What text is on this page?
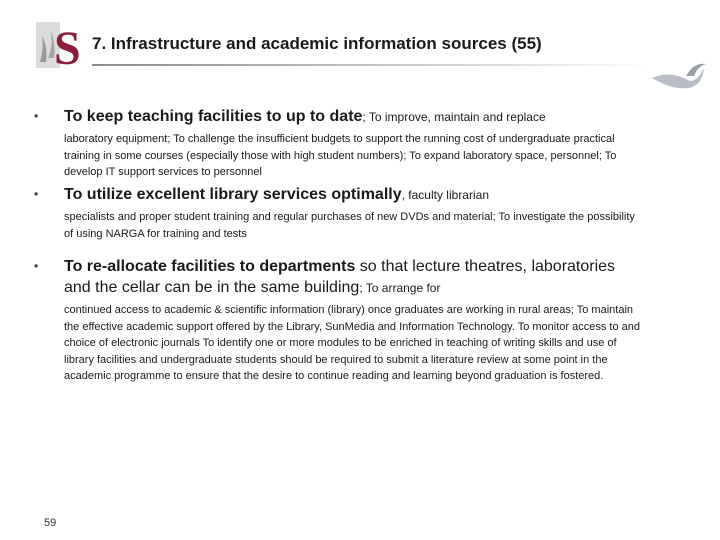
S 7. Infrastructure and academic information sources (55)
• To keep teaching facilities to up to date; To improve, maintain and replace
laboratory equipment; To challenge the insufficient budgets to support the running cost of undergraduate practical training in some courses (especially those with high student numbers); To expand laboratory space, personnel; To develop IT support services to personnel
• To utilize excellent library services optimally, faculty librarian
specialists and proper student training and regular purchases of new DVDs and material; To investigate the possibility of using NARGA for training and tests
• To re-allocate facilities to departments so that lecture theatres, laboratories and the cellar can be in the same building; To arrange for
continued access to academic & scientific information (library) once graduates are working in rural areas; To maintain the effective academic support offered by the Library, SunMedia and Information Technology. To monitor access to and choice of electronic journals To identify one or more modules to be enriched in teaching of writing skills and use of library facilities and undergraduate students should be required to submit a literature review at some point in the academic programme to ensure that the desire to continue reading and learning beyond graduation is fostered.
59
